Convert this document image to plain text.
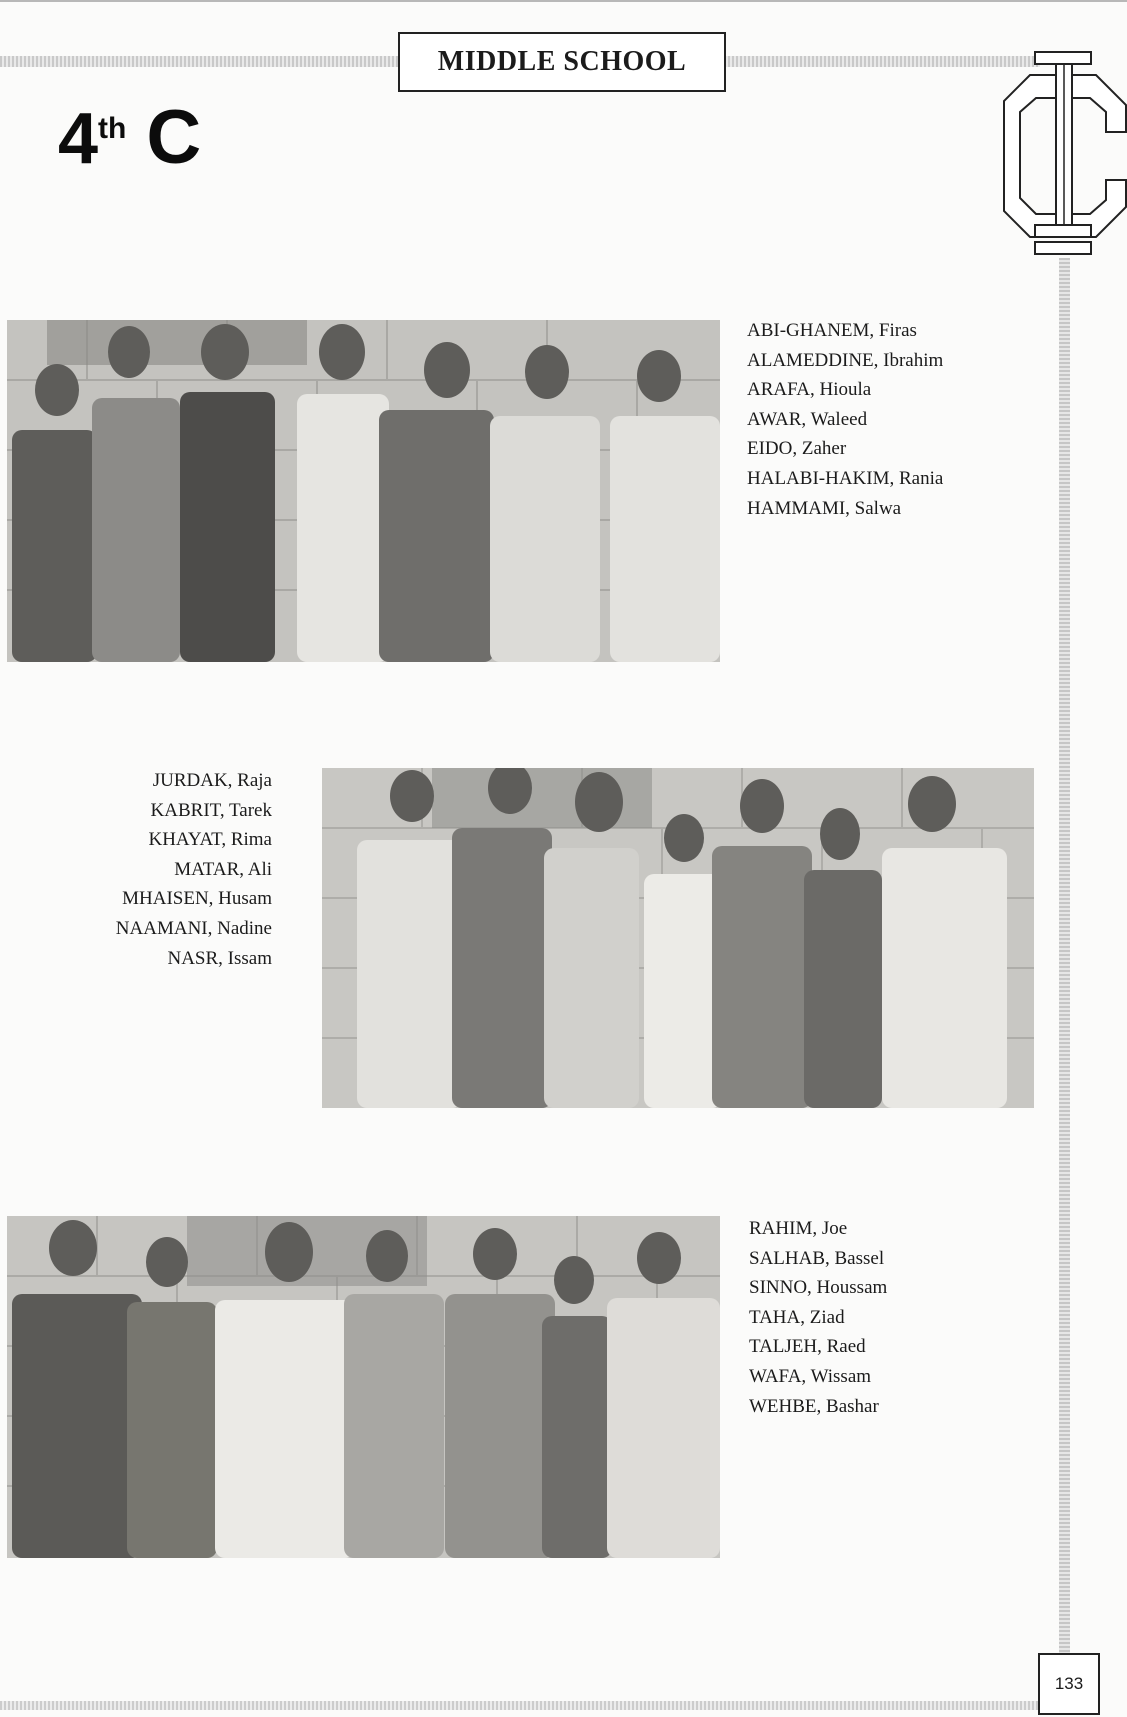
MIDDLE SCHOOL
4th C
ABI-GHANEM, Firas
ALAMEDDINE, Ibrahim
ARAFA, Hioula
AWAR, Waleed
EIDO, Zaher
HALABI-HAKIM, Rania
HAMMAMI, Salwa
JURDAK, Raja
KABRIT, Tarek
KHAYAT, Rima
MATAR, Ali
MHAISEN, Husam
NAAMANI, Nadine
NASR, Issam
RAHIM, Joe
SALHAB, Bassel
SINNO, Houssam
TAHA, Ziad
TALJEH, Raed
WAFA, Wissam
WEHBE, Bashar
133
